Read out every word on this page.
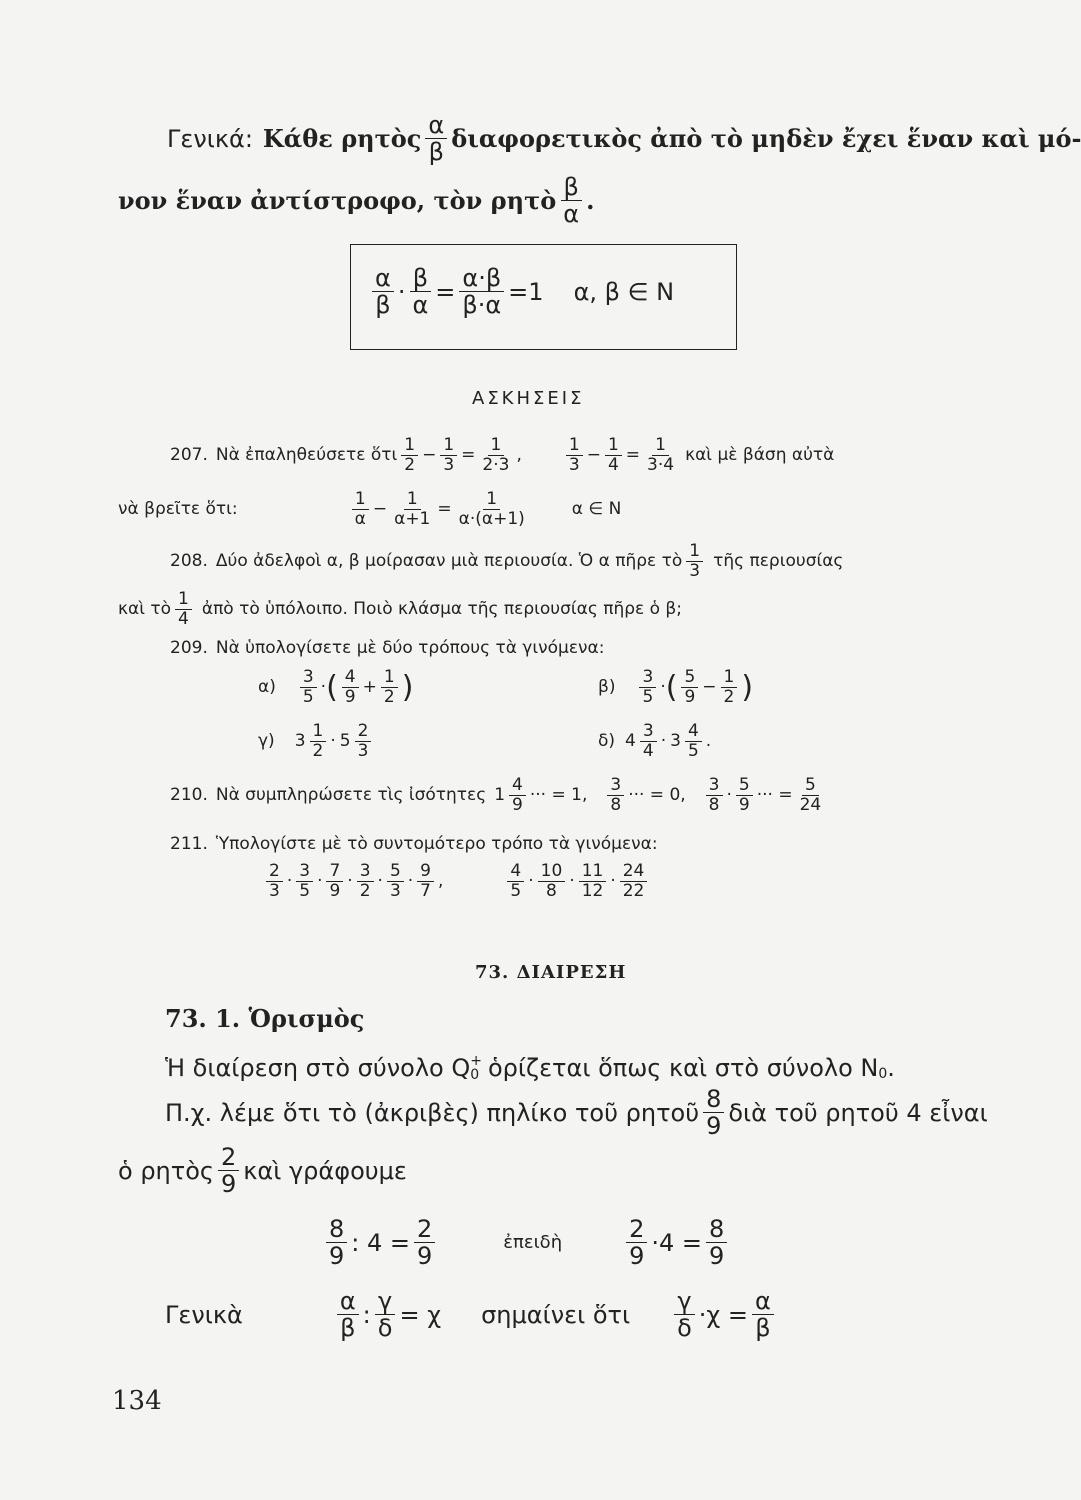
Γενικά: Κάθε ρητὸς $\frac{\alpha}{\beta}$ διαφορετικὸς ἀπὸ τὸ μηδὲν ἔχει ἕναν καὶ μό-
νον ἕναν ἀντίστροφο, τὸν ρητὸ $\frac{\beta}{\alpha}$ .
$\frac{\alpha}{\beta} \cdot \frac{\beta}{\alpha} = \frac{\alpha\cdot\beta}{\beta\cdot\alpha} =1$ α, β ∈ N
ΑΣΚΗΣΕΙΣ
207. Νὰ ἐπαληθεύσετε ὅτι $\frac{1}{2} - \frac{1}{3} = \frac{1}{2\cdot 3}$ ,	$\frac{1}{3} - \frac{1}{4} = \frac{1}{3\cdot 4}$ καὶ μὲ βάση αὐτὰ
νὰ βρεῖτε ὅτι:	$\frac{1}{\alpha} - \frac{1}{\alpha+1} = \frac{1}{\alpha\cdot(\alpha+1)}$	α ∈ N
208. Δύο ἀδελφοὶ α, β μοίρασαν μιὰ περιουσία. Ὁ α πῆρε τὸ $\frac{1}{3}$ τῆς περιουσίας
καὶ τὸ $\frac{1}{4}$ ἀπὸ τὸ ὑπόλοιπο. Ποιὸ κλάσμα τῆς περιουσίας πῆρε ὁ β;
209. Νὰ ὑπολογίσετε μὲ δύο τρόπους τὰ γινόμενα:
$\alpha) \frac{3}{5}$ · ( $\frac{4}{9} + \frac{1}{2}$ )	$\beta) \frac{3}{5}$ · ( $\frac{5}{9} - \frac{1}{2}$ )
γ) $3 \frac{1}{2} \cdot 5 \frac{2}{3}$	δ) $4 \frac{3}{4} \cdot 3 \frac{4}{5}$ .
210. Νὰ συμπληρώσετε τὶς ἰσότητες $1 \frac{4}{9}$ ··· = 1, $\frac{3}{8}$ ··· = 0, $\frac{3}{8} \cdot \frac{5}{9}$ ··· = $\frac{5}{24}$
211. Ὑπολογίστε μὲ τὸ συντομότερο τρόπο τὰ γινόμενα:
$\frac{2}{3} \cdot \frac{3}{5} \cdot \frac{7}{9} \cdot \frac{3}{2} \cdot \frac{5}{3} \cdot \frac{9}{7}$ ,	$\frac{4}{5} \cdot \frac{10}{8} \cdot \frac{11}{12} \cdot \frac{24}{22}$
73. ΔΙΑΙΡΕΣΗ
73. 1. Ὁρισμὸς
Ἡ διαίρεση στὸ σύνολο Q +
0 ὁρίζεται ὅπως καὶ στὸ σύνολο N 0 .
Π.χ. λέμε ὅτι τὸ (ἀκριβὲς) πηλίκο τοῦ ρητοῦ $\frac{8}{9}$ διὰ τοῦ ρητοῦ 4 εἶναι
ὁ ρητὸς $\frac{2}{9}$ καὶ γράφουμε
$\frac{8}{9}$ : $4 = \frac{2}{9}$	ἐπειδὴ	$\frac{2}{9} \cdot 4 = \frac{8}{9}$
Γενικὰ	$\frac{\alpha}{\beta}$ : $\frac{\gamma}{\delta} = \chi$ σημαίνει ὅτι $\frac{\gamma}{\delta} \cdot\chi = \frac{\alpha}{\beta}$
134
